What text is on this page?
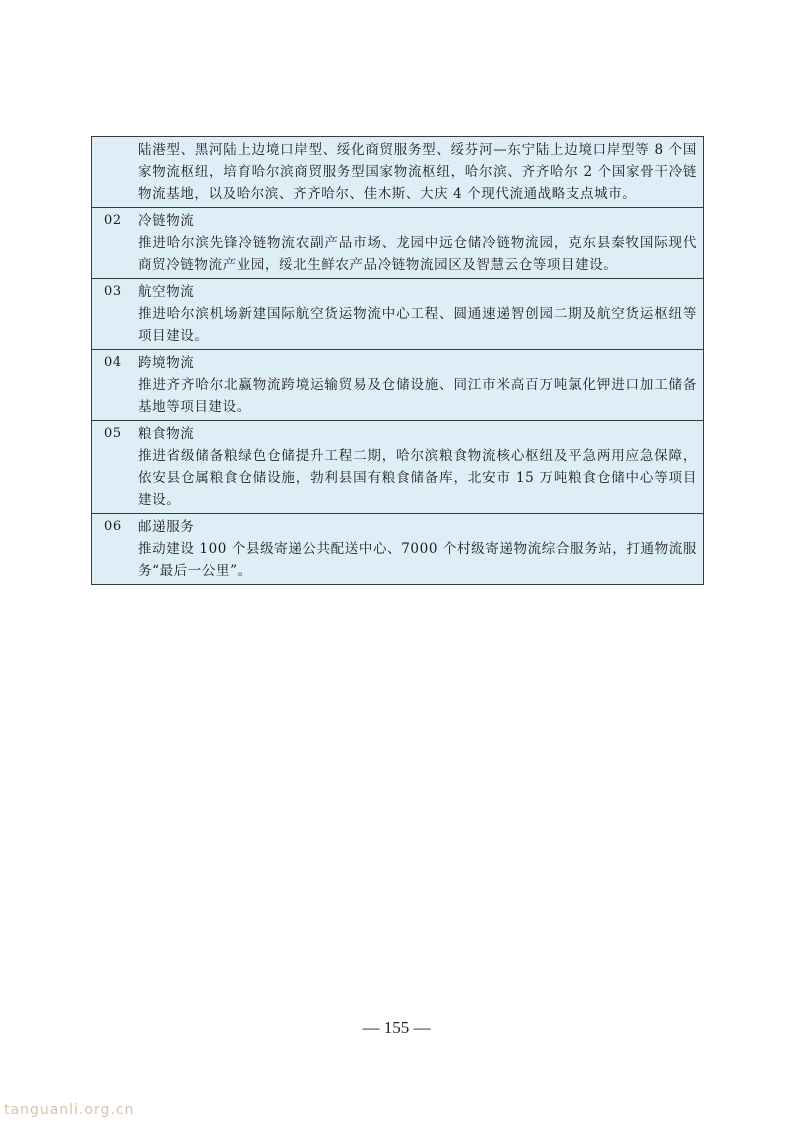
陆港型、黑河陆上边境口岸型、绥化商贸服务型、绥芬河—东宁陆上边境口岸型等 8 个国家物流枢纽，培育哈尔滨商贸服务型国家物流枢纽，哈尔滨、齐齐哈尔 2 个国家骨干冷链物流基地，以及哈尔滨、齐齐哈尔、佳木斯、大庆 4 个现代流通战略支点城市。

02 冷链物流
推进哈尔滨先锋冷链物流农副产品市场、龙园中远仓储冷链物流园，克东县秦牧国际现代商贸冷链物流产业园，绥北生鲜农产品冷链物流园区及智慧云仓等项目建设。

03 航空物流
推进哈尔滨机场新建国际航空货运物流中心工程、圆通速递智创园二期及航空货运枢纽等项目建设。

04 跨境物流
推进齐齐哈尔北赢物流跨境运输贸易及仓储设施、同江市米高百万吨氯化钾进口加工储备基地等项目建设。

05 粮食物流
推进省级储备粮绿色仓储提升工程二期，哈尔滨粮食物流核心枢纽及平急两用应急保障，依安县仓属粮食仓储设施，勃利县国有粮食储备库，北安市 15 万吨粮食仓储中心等项目建设。

06 邮递服务
推动建设 100 个县级寄递公共配送中心、7000 个村级寄递物流综合服务站，打通物流服务“最后一公里”。
— 155 —
tanguanli.org.cn
